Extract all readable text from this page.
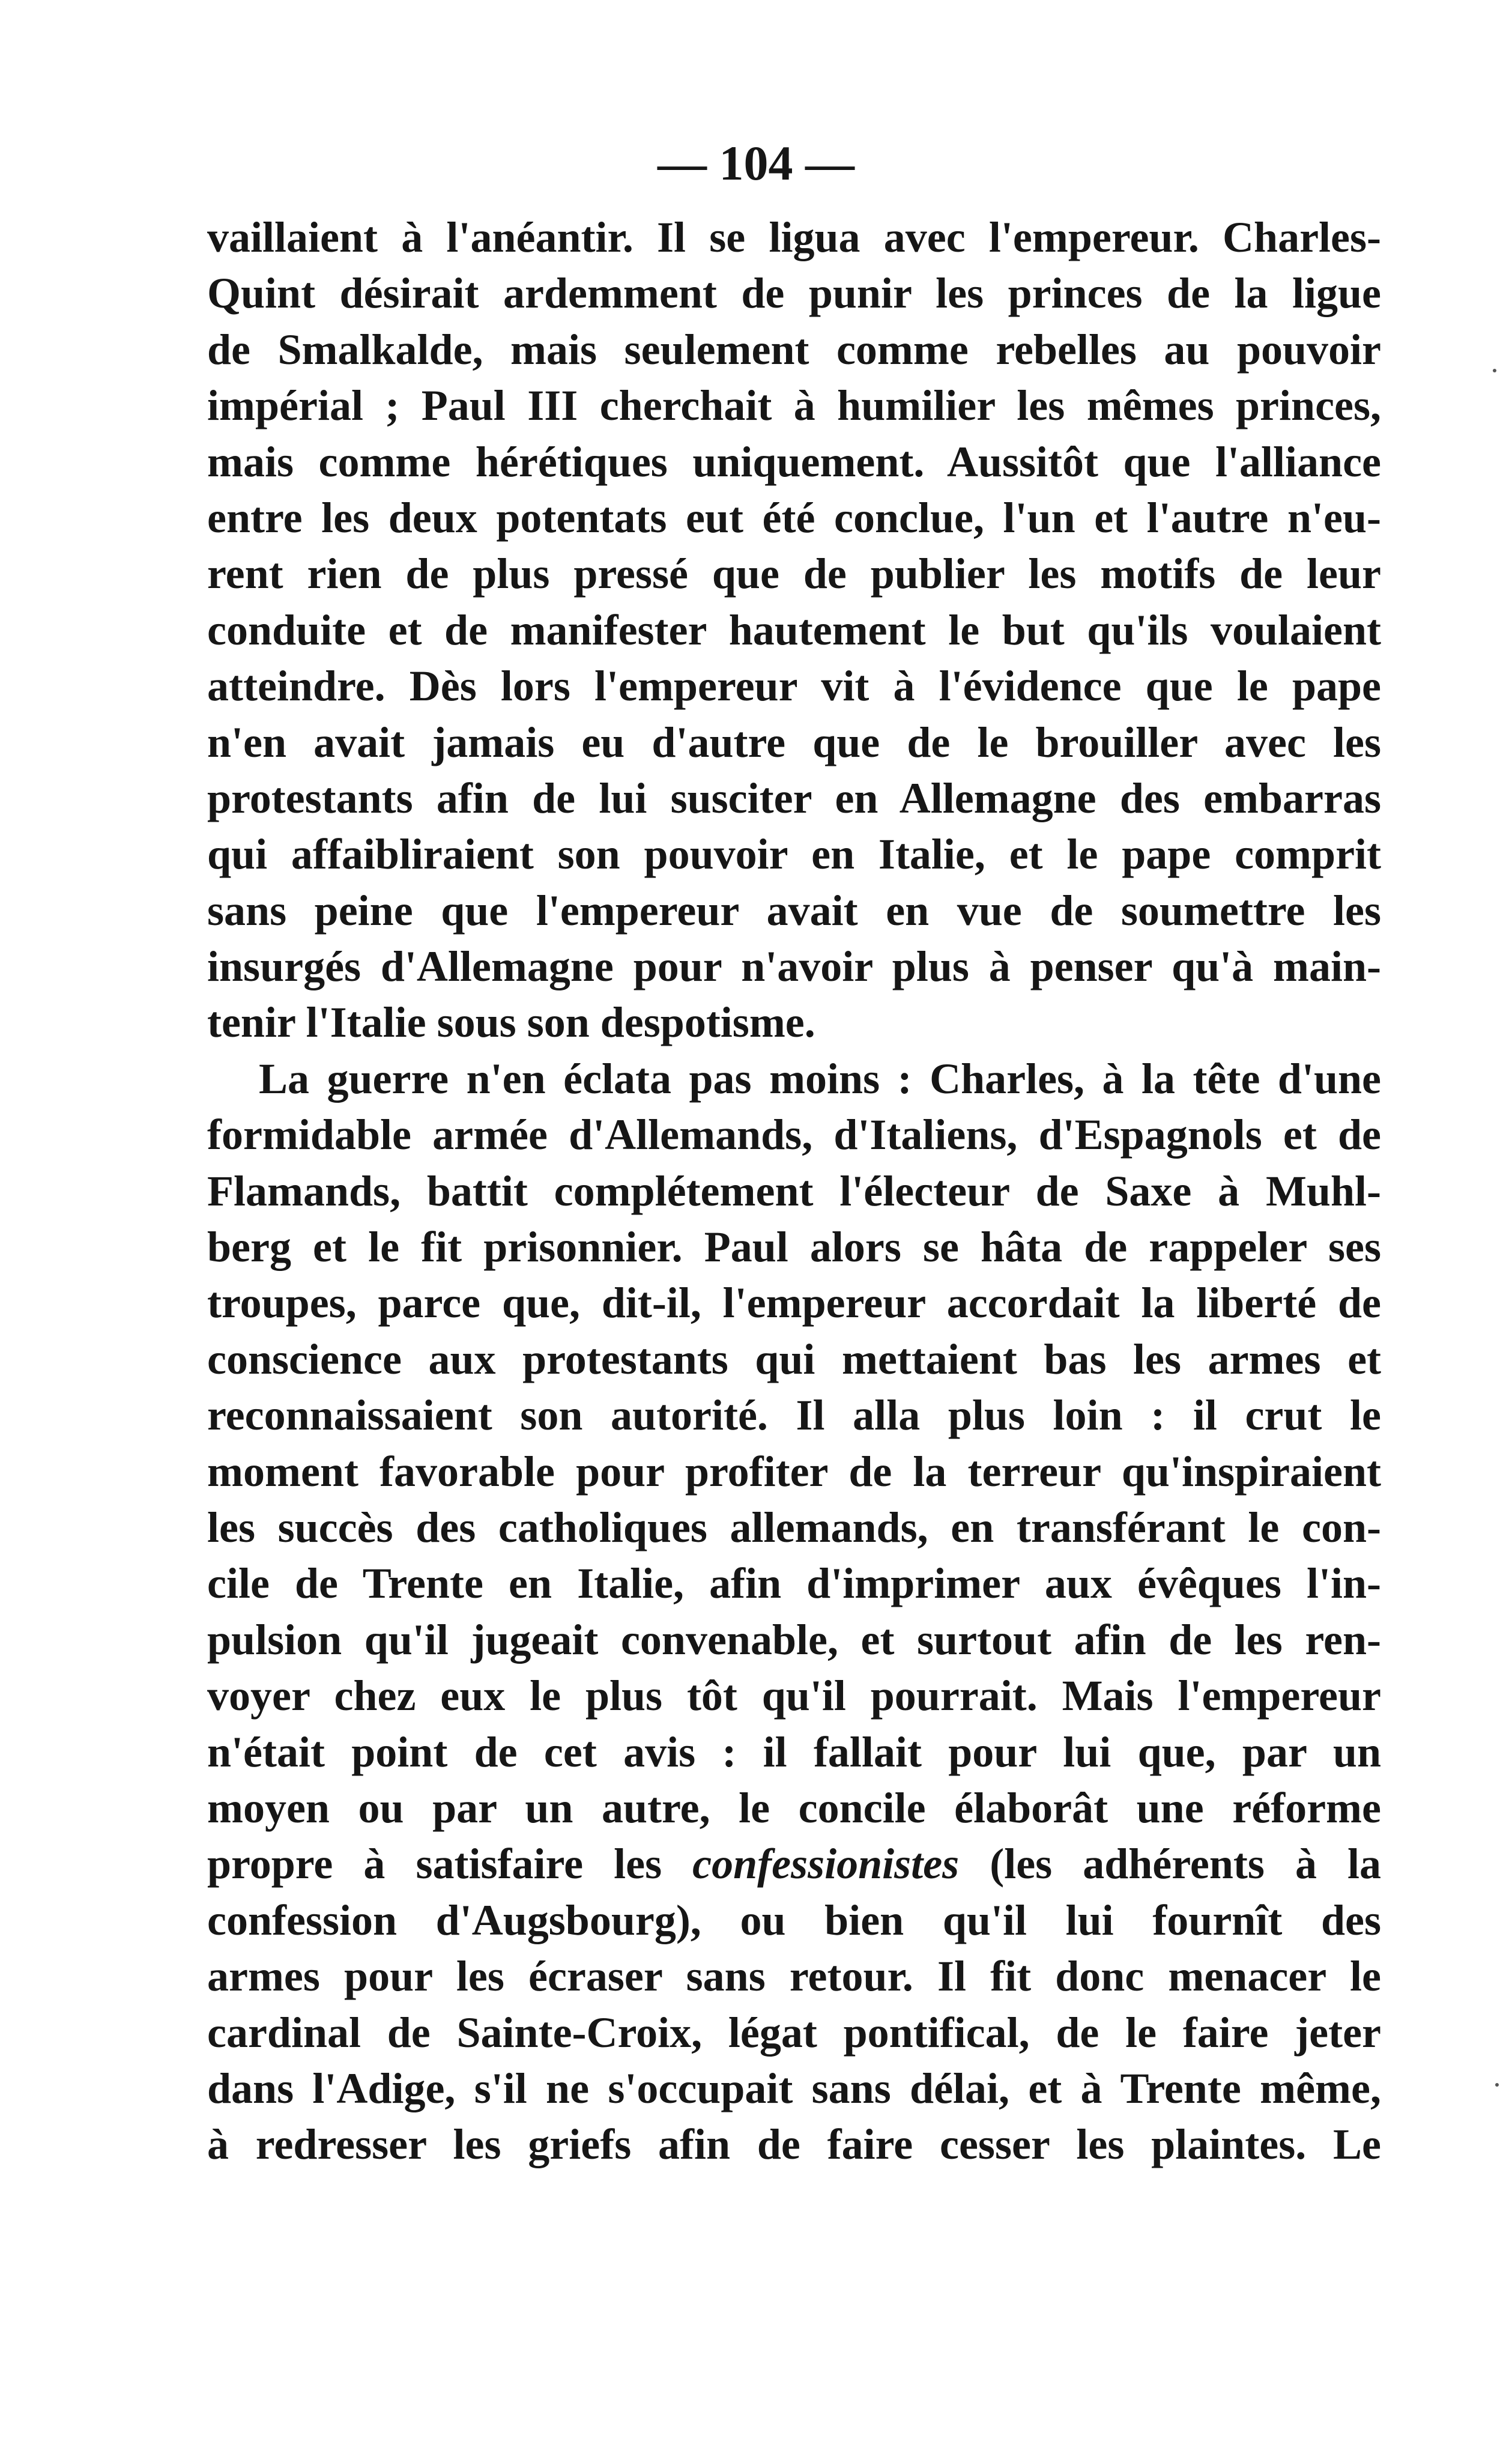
— 104 —
vaillaient à l'anéantir. Il se ligua avec l'empereur. Charles-
Quint désirait ardemment de punir les princes de la ligue
de Smalkalde, mais seulement comme rebelles au pouvoir
impérial ; Paul III cherchait à humilier les mêmes princes,
mais comme hérétiques uniquement. Aussitôt que l'alliance
entre les deux potentats eut été conclue, l'un et l'autre n'eu-
rent rien de plus pressé que de publier les motifs de leur
conduite et de manifester hautement le but qu'ils voulaient
atteindre. Dès lors l'empereur vit à l'évidence que le pape
n'en avait jamais eu d'autre que de le brouiller avec les
protestants afin de lui susciter en Allemagne des embarras
qui affaibliraient son pouvoir en Italie, et le pape comprit
sans peine que l'empereur avait en vue de soumettre les
insurgés d'Allemagne pour n'avoir plus à penser qu'à main-
tenir l'Italie sous son despotisme.
La guerre n'en éclata pas moins : Charles, à la tête d'une
formidable armée d'Allemands, d'Italiens, d'Espagnols et de
Flamands, battit complétement l'électeur de Saxe à Muhl-
berg et le fit prisonnier. Paul alors se hâta de rappeler ses
troupes, parce que, dit-il, l'empereur accordait la liberté de
conscience aux protestants qui mettaient bas les armes et
reconnaissaient son autorité. Il alla plus loin : il crut le
moment favorable pour profiter de la terreur qu'inspiraient
les succès des catholiques allemands, en transférant le con-
cile de Trente en Italie, afin d'imprimer aux évêques l'in-
pulsion qu'il jugeait convenable, et surtout afin de les ren-
voyer chez eux le plus tôt qu'il pourrait. Mais l'empereur
n'était point de cet avis : il fallait pour lui que, par un
moyen ou par un autre, le concile élaborât une réforme
propre à satisfaire les confessionistes (les adhérents à la
confession d'Augsbourg), ou bien qu'il lui fournît des
armes pour les écraser sans retour. Il fit donc menacer le
cardinal de Sainte-Croix, légat pontifical, de le faire jeter
dans l'Adige, s'il ne s'occupait sans délai, et à Trente même,
à redresser les griefs afin de faire cesser les plaintes. Le
